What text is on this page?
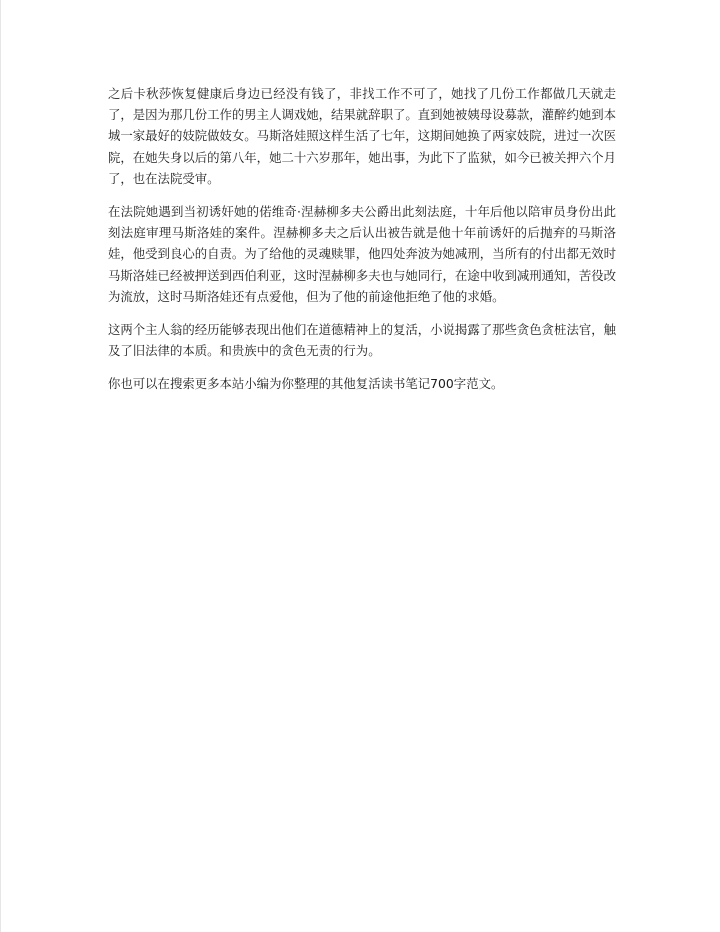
之后卡秋莎恢复健康后身边已经没有钱了，非找工作不可了，她找了几份工作都做几天就走了，是因为那几份工作的男主人调戏她，结果就辞职了。直到她被姨母设募款，灌醉约她到本城一家最好的妓院做妓女。马斯洛娃照这样生活了七年，这期间她换了两家妓院，进过一次医院，在她失身以后的第八年，她二十六岁那年，她出事，为此下了监狱，如今已被关押六个月了，也在法院受审。

在法院她遇到当初诱奸她的偌维奇·涅赫柳多夫公爵出此刻法庭，十年后他以陪审员身份出此刻法庭审理马斯洛娃的案件。涅赫柳多夫之后认出被告就是他十年前诱奸的后抛弃的马斯洛娃，他受到良心的自责。为了给他的灵魂赎罪，他四处奔波为她减刑，当所有的付出都无效时马斯洛娃已经被押送到西伯利亚，这时涅赫柳多夫也与她同行，在途中收到减刑通知，苦役改为流放，这时马斯洛娃还有点爱他，但为了他的前途他拒绝了他的求婚。

这两个主人翁的经历能够表现出他们在道德精神上的复活，小说揭露了那些贪色贪桩法官，触及了旧法律的本质。和贵族中的贪色无责的行为。

你也可以在搜索更多本站小编为你整理的其他复活读书笔记700字范文。
